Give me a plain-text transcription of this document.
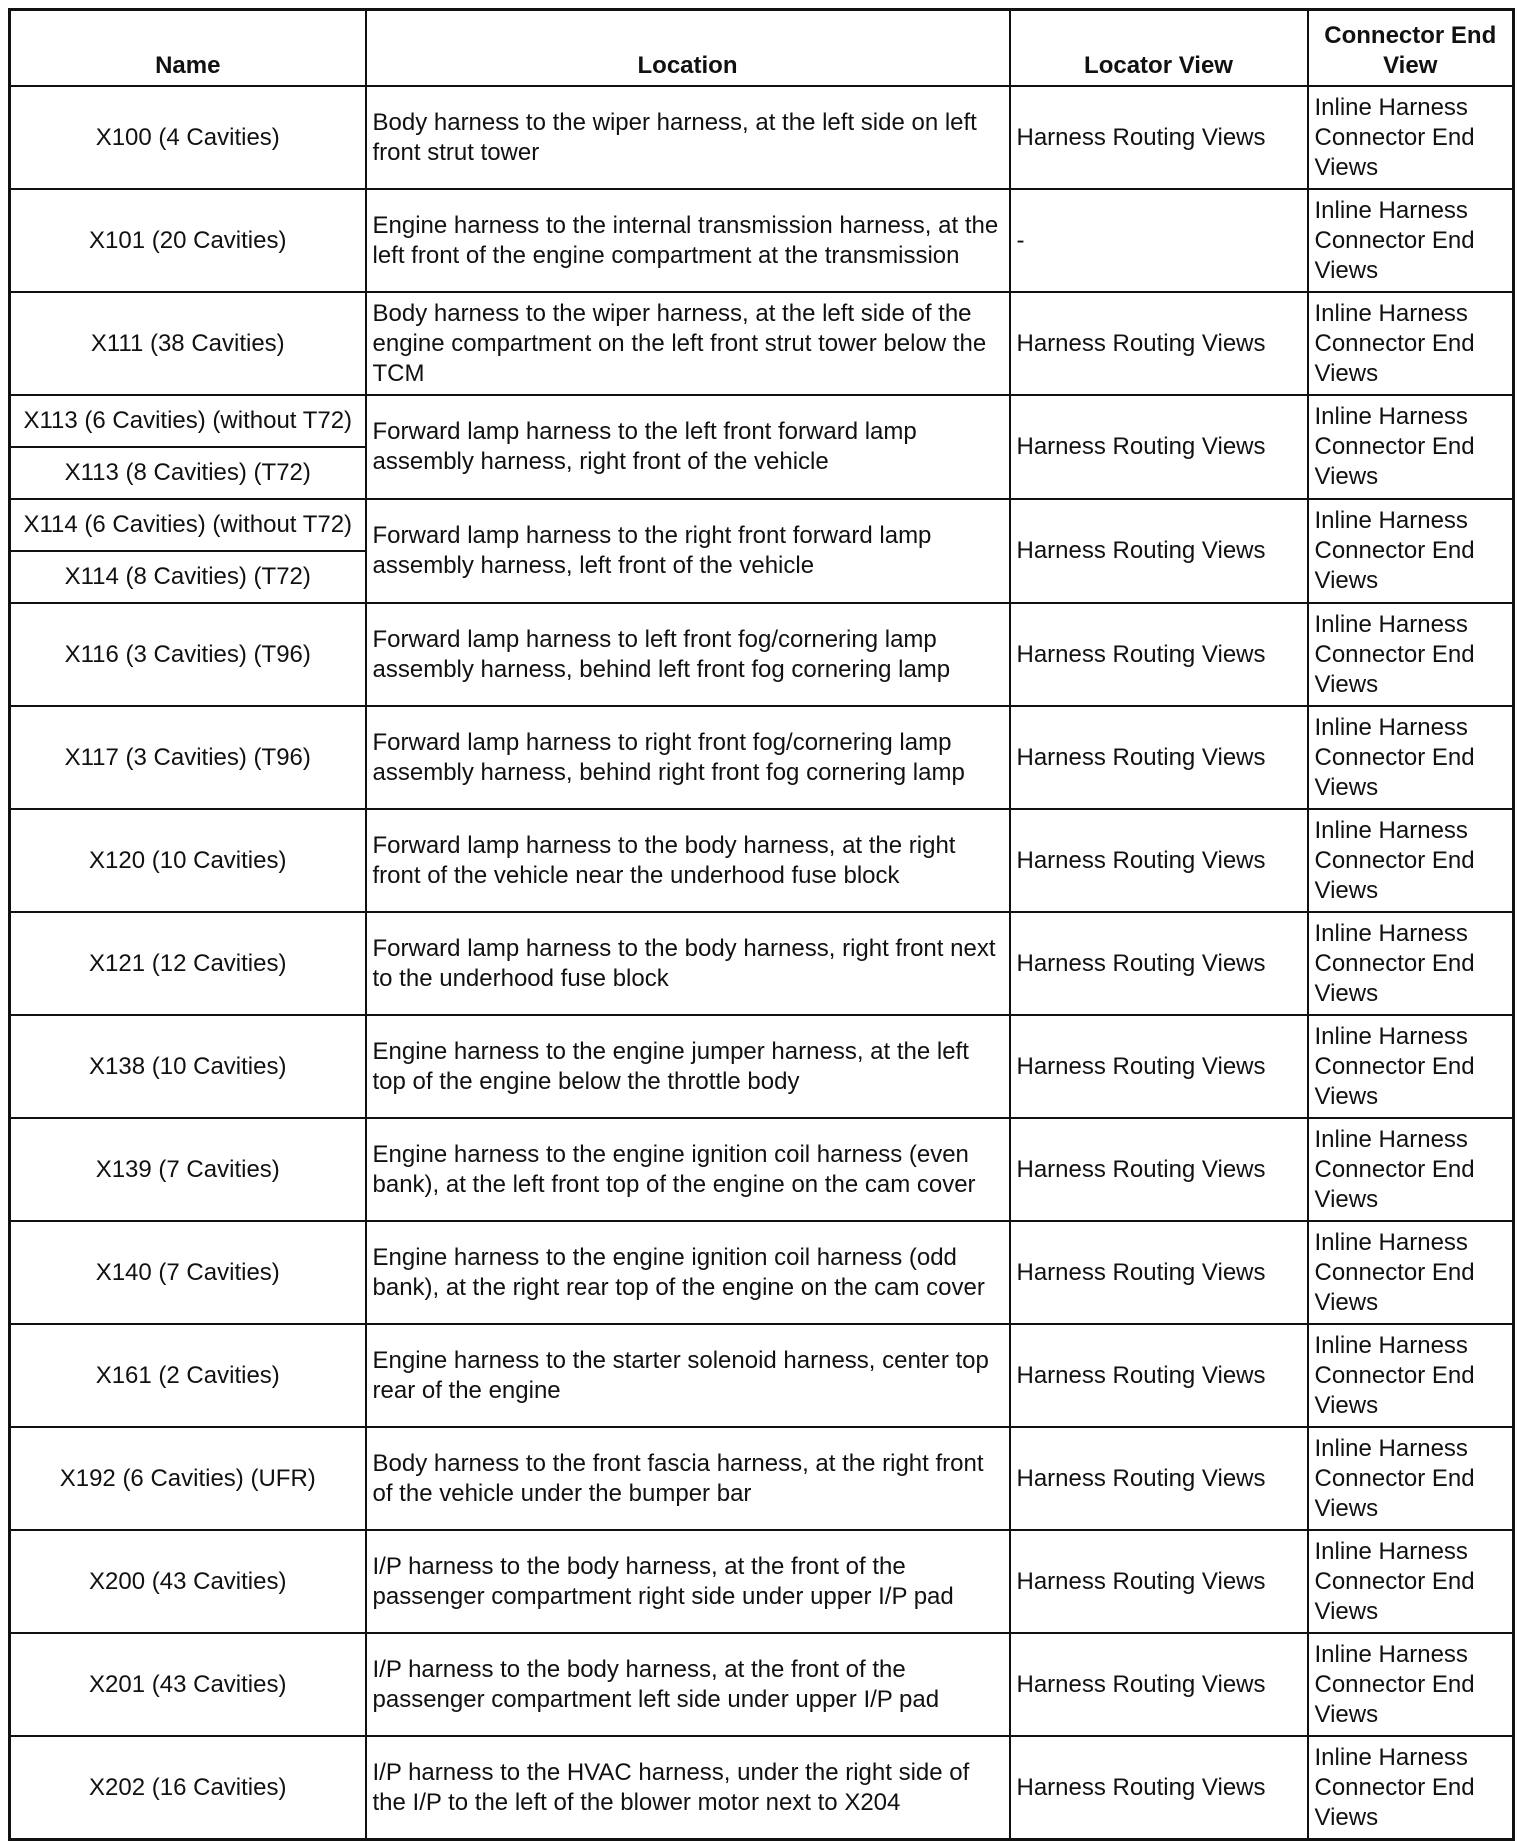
Name	Location	Locator View	Connector End View
X100 (4 Cavities)	Body harness to the wiper harness, at the left side on left front strut tower	Harness Routing Views	Inline Harness Connector End Views
X101 (20 Cavities)	Engine harness to the internal transmission harness, at the left front of the engine compartment at the transmission	-	Inline Harness Connector End Views
X111 (38 Cavities)	Body harness to the wiper harness, at the left side of the engine compartment on the left front strut tower below the TCM	Harness Routing Views	Inline Harness Connector End Views
X113 (6 Cavities) (without T72)	Forward lamp harness to the left front forward lamp assembly harness, right front of the vehicle	Harness Routing Views	Inline Harness Connector End Views
X113 (8 Cavities) (T72)			
X114 (6 Cavities) (without T72)	Forward lamp harness to the right front forward lamp assembly harness, left front of the vehicle	Harness Routing Views	Inline Harness Connector End Views
X114 (8 Cavities) (T72)			
X116 (3 Cavities) (T96)	Forward lamp harness to left front fog/cornering lamp assembly harness, behind left front fog cornering lamp	Harness Routing Views	Inline Harness Connector End Views
X117 (3 Cavities) (T96)	Forward lamp harness to right front fog/cornering lamp assembly harness, behind right front fog cornering lamp	Harness Routing Views	Inline Harness Connector End Views
X120 (10 Cavities)	Forward lamp harness to the body harness, at the right front of the vehicle near the underhood fuse block	Harness Routing Views	Inline Harness Connector End Views
X121 (12 Cavities)	Forward lamp harness to the body harness, right front next to the underhood fuse block	Harness Routing Views	Inline Harness Connector End Views
X138 (10 Cavities)	Engine harness to the engine jumper harness, at the left top of the engine below the throttle body	Harness Routing Views	Inline Harness Connector End Views
X139 (7 Cavities)	Engine harness to the engine ignition coil harness (even bank), at the left front top of the engine on the cam cover	Harness Routing Views	Inline Harness Connector End Views
X140 (7 Cavities)	Engine harness to the engine ignition coil harness (odd bank), at the right rear top of the engine on the cam cover	Harness Routing Views	Inline Harness Connector End Views
X161 (2 Cavities)	Engine harness to the starter solenoid harness, center top rear of the engine	Harness Routing Views	Inline Harness Connector End Views
X192 (6 Cavities) (UFR)	Body harness to the front fascia harness, at the right front of the vehicle under the bumper bar	Harness Routing Views	Inline Harness Connector End Views
X200 (43 Cavities)	I/P harness to the body harness, at the front of the passenger compartment right side under upper I/P pad	Harness Routing Views	Inline Harness Connector End Views
X201 (43 Cavities)	I/P harness to the body harness, at the front of the passenger compartment left side under upper I/P pad	Harness Routing Views	Inline Harness Connector End Views
X202 (16 Cavities)	I/P harness to the HVAC harness, under the right side of the I/P to the left of the blower motor next to X204	Harness Routing Views	Inline Harness Connector End Views
